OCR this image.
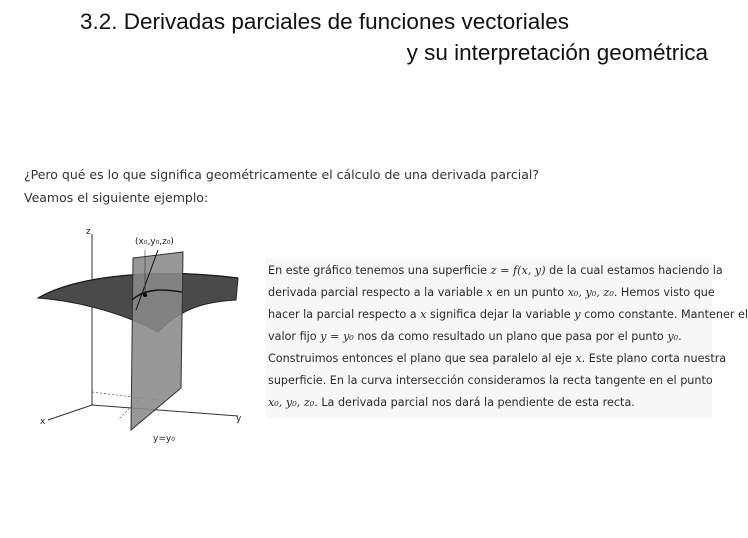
3.2. Derivadas parciales de funciones vectoriales
y su interpretación geométrica
¿Pero qué es lo que significa geométricamente el cálculo de una derivada parcial?
Veamos el siguiente ejemplo:
z
x	y
(x₀,y₀,z₀)
y=y₀
En este gráfico tenemos una superficie z = f(x, y) de la cual estamos haciendo la
derivada parcial respecto a la variable x en un punto x₀, y₀, z₀. Hemos visto que
hacer la parcial respecto a x significa dejar la variable y como constante. Mantener el
valor fijo y = y₀ nos da como resultado un plano que pasa por el punto y₀.
Construimos entonces el plano que sea paralelo al eje x. Este plano corta nuestra
superficie. En la curva intersección consideramos la recta tangente en el punto
x₀, y₀, z₀. La derivada parcial nos dará la pendiente de esta recta.
